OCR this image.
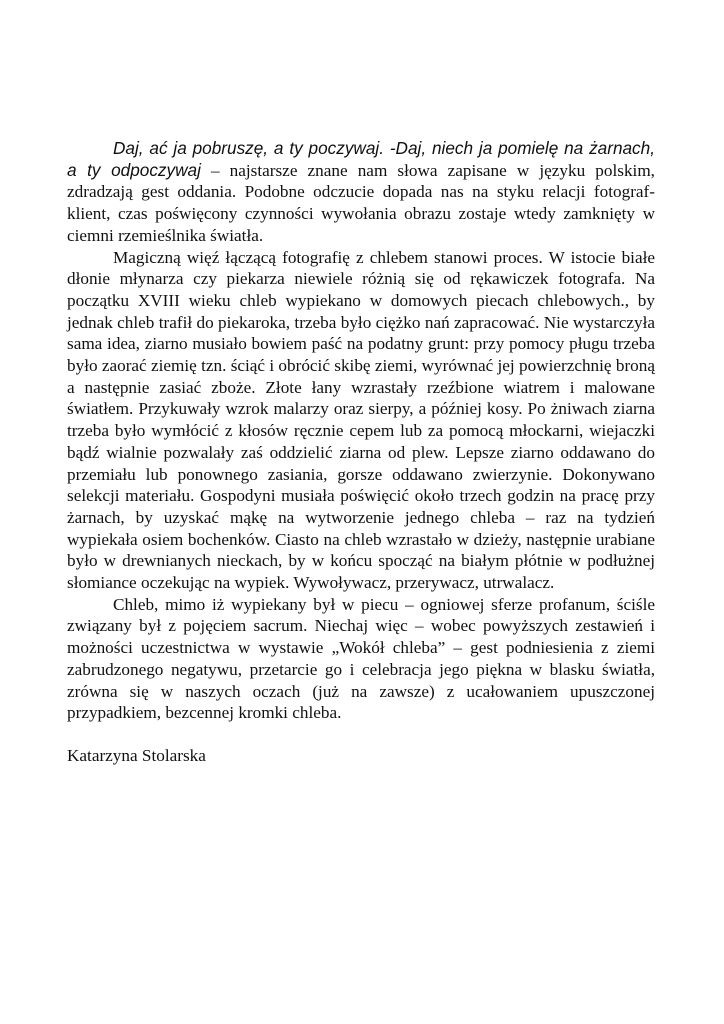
Daj, ać ja pobruszę, a ty poczywaj. -Daj, niech ja pomielę na żarnach, a ty odpoczywaj – najstarsze znane nam słowa zapisane w języku polskim, zdradzają gest oddania. Podobne odczucie dopada nas na styku relacji fotograf-klient, czas poświęcony czynności wywołania obrazu zostaje wtedy zamknięty w ciemni rzemieślnika światła.

Magiczną więź łączącą fotografię z chlebem stanowi proces. W istocie białe dłonie młynarza czy piekarza niewiele różnią się od rękawiczek fotografa. Na początku XVIII wieku chleb wypiekano w domowych piecach chlebowych., by jednak chleb trafił do piekaroka, trzeba było ciężko nań zapracować. Nie wystarczyła sama idea, ziarno musiało bowiem paść na podatny grunt: przy pomocy pługu trzeba było zaorać ziemię tzn. ściąć i obrócić skibę ziemi, wyrównać jej powierzchnię broną a następnie zasiać zboże. Złote łany wzrastały rzeźbione wiatrem i malowane światłem. Przykuwały wzrok malarzy oraz sierpy, a później kosy. Po żniwach ziarna trzeba było wymłócić z kłosów ręcznie cepem lub za pomocą młockarni, wiejaczki bądź wialnie pozwalały zaś oddzielić ziarna od plew. Lepsze ziarno oddawano do przemiału lub ponownego zasiania, gorsze oddawano zwierzynie. Dokonywano selekcji materiału. Gospodyni musiała poświęcić około trzech godzin na pracę przy żarnach, by uzyskać mąkę na wytworzenie jednego chleba – raz na tydzień wypiekała osiem bochenków. Ciasto na chleb wzrastało w dzieży, następnie urabiane było w drewnianych nieckach, by w końcu spocząć na białym płótnie w podłużnej słomiance oczekując na wypiek. Wywoływacz, przerywacz, utrwalacz.

Chleb, mimo iż wypiekany był w piecu – ogniowej sferze profanum, ściśle związany był z pojęciem sacrum. Niechaj więc – wobec powyższych zestawień i możności uczestnictwa w wystawie „Wokół chleba” – gest podniesienia z ziemi zabrudzonego negatywu, przetarcie go i celebracja jego piękna w blasku światła, zrówna się w naszych oczach (już na zawsze) z ucałowaniem upuszczonej przypadkiem, bezcennej kromki chleba.

Katarzyna Stolarska
